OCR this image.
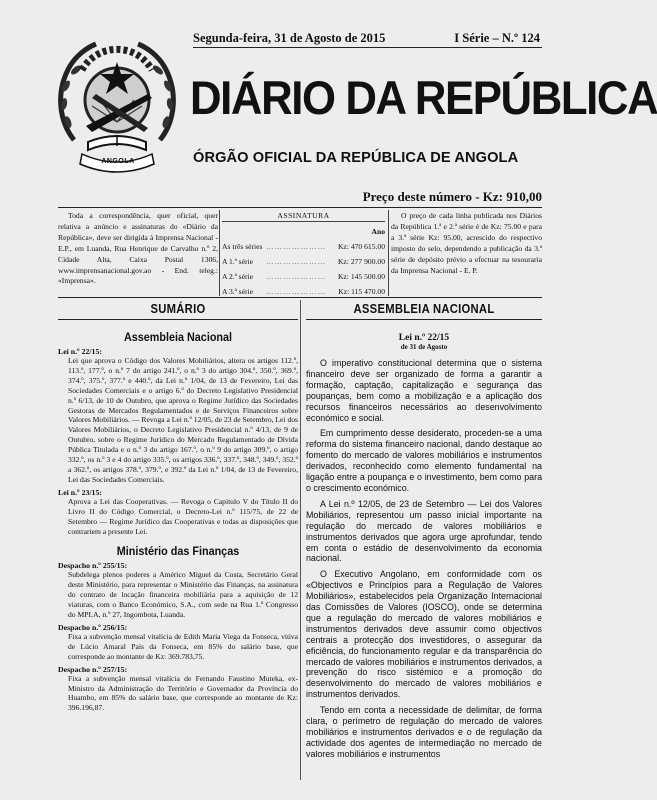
ANGOLA
Segunda-feira, 31 de Agosto de 2015	I Série – N.º 124
DIÁRIO DA REPÚBLICA
ÓRGÃO OFICIAL DA REPÚBLICA DE ANGOLA
Preço deste número - Kz: 910,00
Toda a correspondência, quer oficial, quer relativa a anúncio e assinaturas do «Diário da República», deve ser dirigida à Imprensa Nacional - E.P., em Luanda, Rua Henrique de Carvalho n.º 2, Cidade Alta, Caixa Postal 1306, www.imprensanacional.gov.ao - End. teleg.: «Imprensa».
ASSINATURA
Ano
As três séries …………………	Kz: 470 615.00
A 1.ª série	…………………	Kz: 277 900.00
A 2.ª série	…………………	Kz: 145 500.00
A 3.ª série	…………………	Kz: 115 470.00
O preço de cada linha publicada nos Diários da República 1.ª e 2.ª série é de Kz: 75.00 e para a 3.ª série Kz: 95.00, acrescido do respectivo imposto do selo, dependendo a publicação da 3.ª série de depósito prévio a efectuar na tesouraria da Imprensa Nacional - E. P.
SUMÁRIO
Assembleia Nacional
Lei n.º 22/15:
Lei que aprova o Código dos Valores Mobiliários, altera os artigos 112.º, 113.º, 177.º, o n.º 7 do artigo 241.º, o n.º 3 do artigo 304.º, 350.º, 369.º, 374.º, 375.º, 377.º e 440.º, da Lei n.º 1/04, de 13 de Fevereiro, Lei das Sociedades Comerciais e o artigo 6.º do Decreto Legislativo Presidencial n.º 6/13, de 10 de Outubro, que aprova o Regime Jurídico das Sociedades Gestoras de Mercados Regulamentados e de Serviços Financeiros sobre Valores Mobiliários. — Revoga a Lei n.º 12/05, de 23 de Setembro, Lei dos Valores Mobiliários, o Decreto Legislativo Presidencial n.º 4/13, de 9 de Outubro, sobre o Regime Jurídico do Mercado Regulamentado de Dívida Pública Titulada e o n.º 3 do artigo 167.º, o n.º 9 do artigo 309.º, o artigo 332.º, os n.º 3 e 4 do artigo 335.º, os artigos 336.º, 337.º, 348.º, 349.º, 352.º a 362.º, os artigos 378.º, 379.º, e 392.º da Lei n.º 1/04, de 13 de Fevereiro, Lei das Sociedades Comerciais.
Lei n.º 23/15:
Aprova a Lei das Cooperativas. — Revoga o Capítulo V do Título II do Livro II do Código Comercial, o Decreto-Lei n.º 115/75, de 22 de Setembro — Regime Jurídico das Cooperativas e todas as disposições que contrariem a presente Lei.
Ministério das Finanças
Despacho n.º 255/15:
Subdelega plenos poderes a Américo Miguel da Costa, Secretário Geral deste Ministério, para representar o Ministério das Finanças, na assinatura do contrato de locação financeira mobiliária para a aquisição de 12 viaturas, com o Banco Económico, S.A., com sede na Rua 1.º Congresso do MPLA, n.º 27, Ingombota, Luanda.
Despacho n.º 256/15:
Fixa a subvenção mensal vitalícia de Edith Maria Viega da Fonseca, viúva de Lúcio Amaral Pais da Fonseca, em 85% do salário base, que corresponde ao montante de Kz: 369.783,75.
Despacho n.º 257/15:
Fixa a subvenção mensal vitalícia de Fernando Faustino Muteka, ex-Ministro da Administração do Território e Governador da Província do Huambo, em 85% do salário base, que corresponde ao montante de Kz: 396.196,87.
ASSEMBLEIA NACIONAL
Lei n.º 22/15
de 31 de Agosto

O imperativo constitucional determina que o sistema financeiro deve ser organizado de forma a garantir a formação, captação, capitalização e segurança das poupanças, bem como a mobilização e a aplicação dos recursos financeiros necessários ao desenvolvimento económico e social.

Em cumprimento desse desiderato, proceden-se a uma reforma do sistema financeiro nacional, dando destaque ao fomento do mercado de valores mobiliários e instrumentos derivados, reconhecido como elemento fundamental na ligação entre a poupança e o investimento, bem como para o crescimento económico.

A Lei n.º 12/05, de 23 de Setembro — Lei dos Valores Mobiliários, representou um passo inicial importante na regulação do mercado de valores mobiliários e instrumentos derivados que agora urge aprofundar, tendo em conta o estádio de desenvolvimento da economia nacional.

O Executivo Angolano, em conformidade com os «Objectivos e Princípios para a Regulação de Valores Mobiliários», estabelecidos pela Organização Internacional das Comissões de Valores (IOSCO), onde se determina que a regulação do mercado de valores mobiliários e instrumentos derivados deve assumir como objectivos centrais a protecção dos investidores, o assegurar da eficiência, do funcionamento regular e da transparência do mercado de valores mobiliários e instrumentos derivados, a prevenção do risco sistémico e a promoção do desenvolvimento do mercado de valores mobiliários e instrumentos derivados.

Tendo em conta a necessidade de delimitar, de forma clara, o perímetro de regulação do mercado de valores mobiliários e instrumentos derivados e o de regulação da actividade dos agentes de intermediação no mercado de valores mobiliários e instrumentos
